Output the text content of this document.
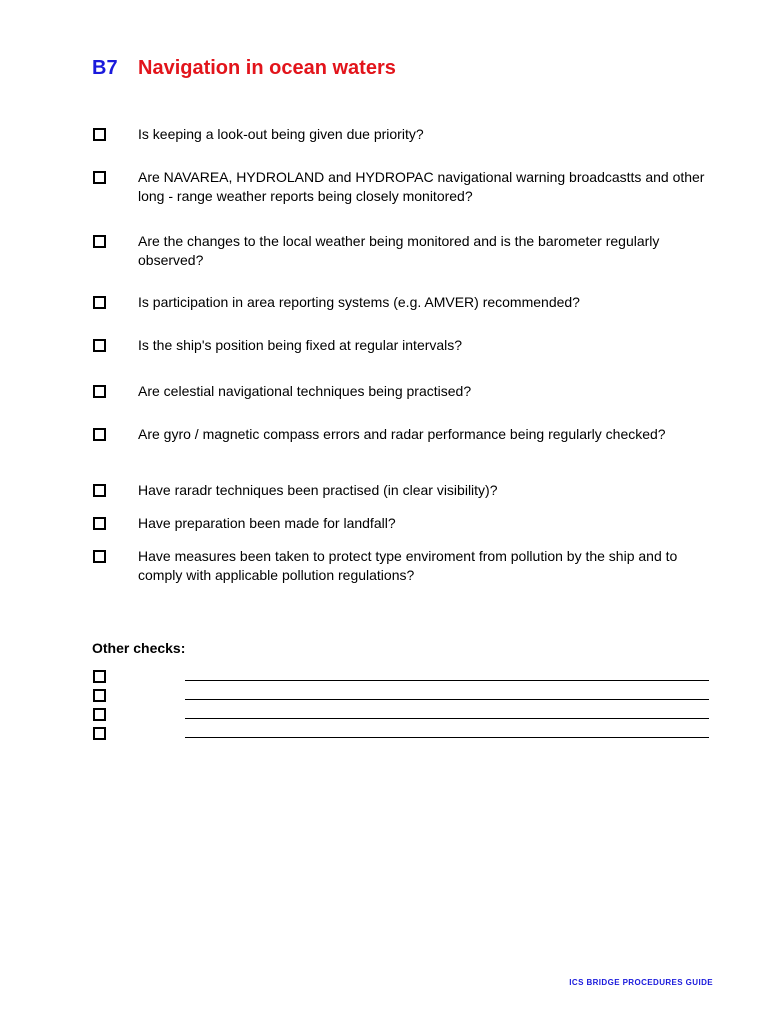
B7 Navigation in ocean waters
Is keeping a look-out being given due priority?
Are NAVAREA, HYDROLAND and HYDROPAC navigational warning broadcastts and other long - range weather reports being closely monitored?
Are the changes to the local weather being monitored and is the barometer regularly observed?
Is participation in area reporting systems (e.g. AMVER) recommended?
Is the ship's position being fixed at regular intervals?
Are celestial navigational techniques being practised?
Are gyro / magnetic compass errors and radar performance being regularly checked?
Have raradr techniques been practised (in clear visibility)?
Have preparation been made for landfall?
Have measures been taken to protect type enviroment from pollution by the ship and to comply with applicable pollution regulations?
Other checks:
ICS BRIDGE PROCEDURES GUIDE
